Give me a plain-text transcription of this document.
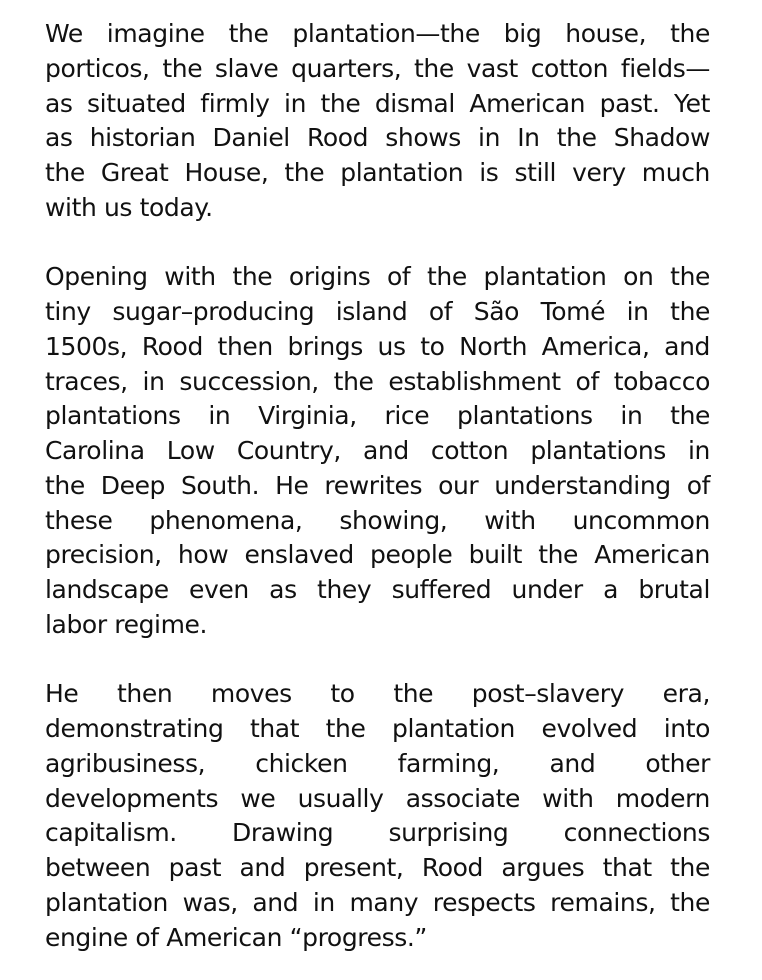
We imagine the plantation—the big house, the
porticos, the slave quarters, the vast cotton fields—
as situated firmly in the dismal American past. Yet
as historian Daniel Rood shows in In the Shadow
the Great House, the plantation is still very much
with us today.

Opening with the origins of the plantation on the
tiny sugar–producing island of São Tomé in the
1500s, Rood then brings us to North America, and
traces, in succession, the establishment of tobacco
plantations in Virginia, rice plantations in the
Carolina Low Country, and cotton plantations in
the Deep South. He rewrites our understanding of
these phenomena, showing, with uncommon
precision, how enslaved people built the American
landscape even as they suffered under a brutal
labor regime.

He then moves to the post–slavery era,
demonstrating that the plantation evolved into
agribusiness, chicken farming, and other
developments we usually associate with modern
capitalism. Drawing surprising connections
between past and present, Rood argues that the
plantation was, and in many respects remains, the
engine of American “progress.”
